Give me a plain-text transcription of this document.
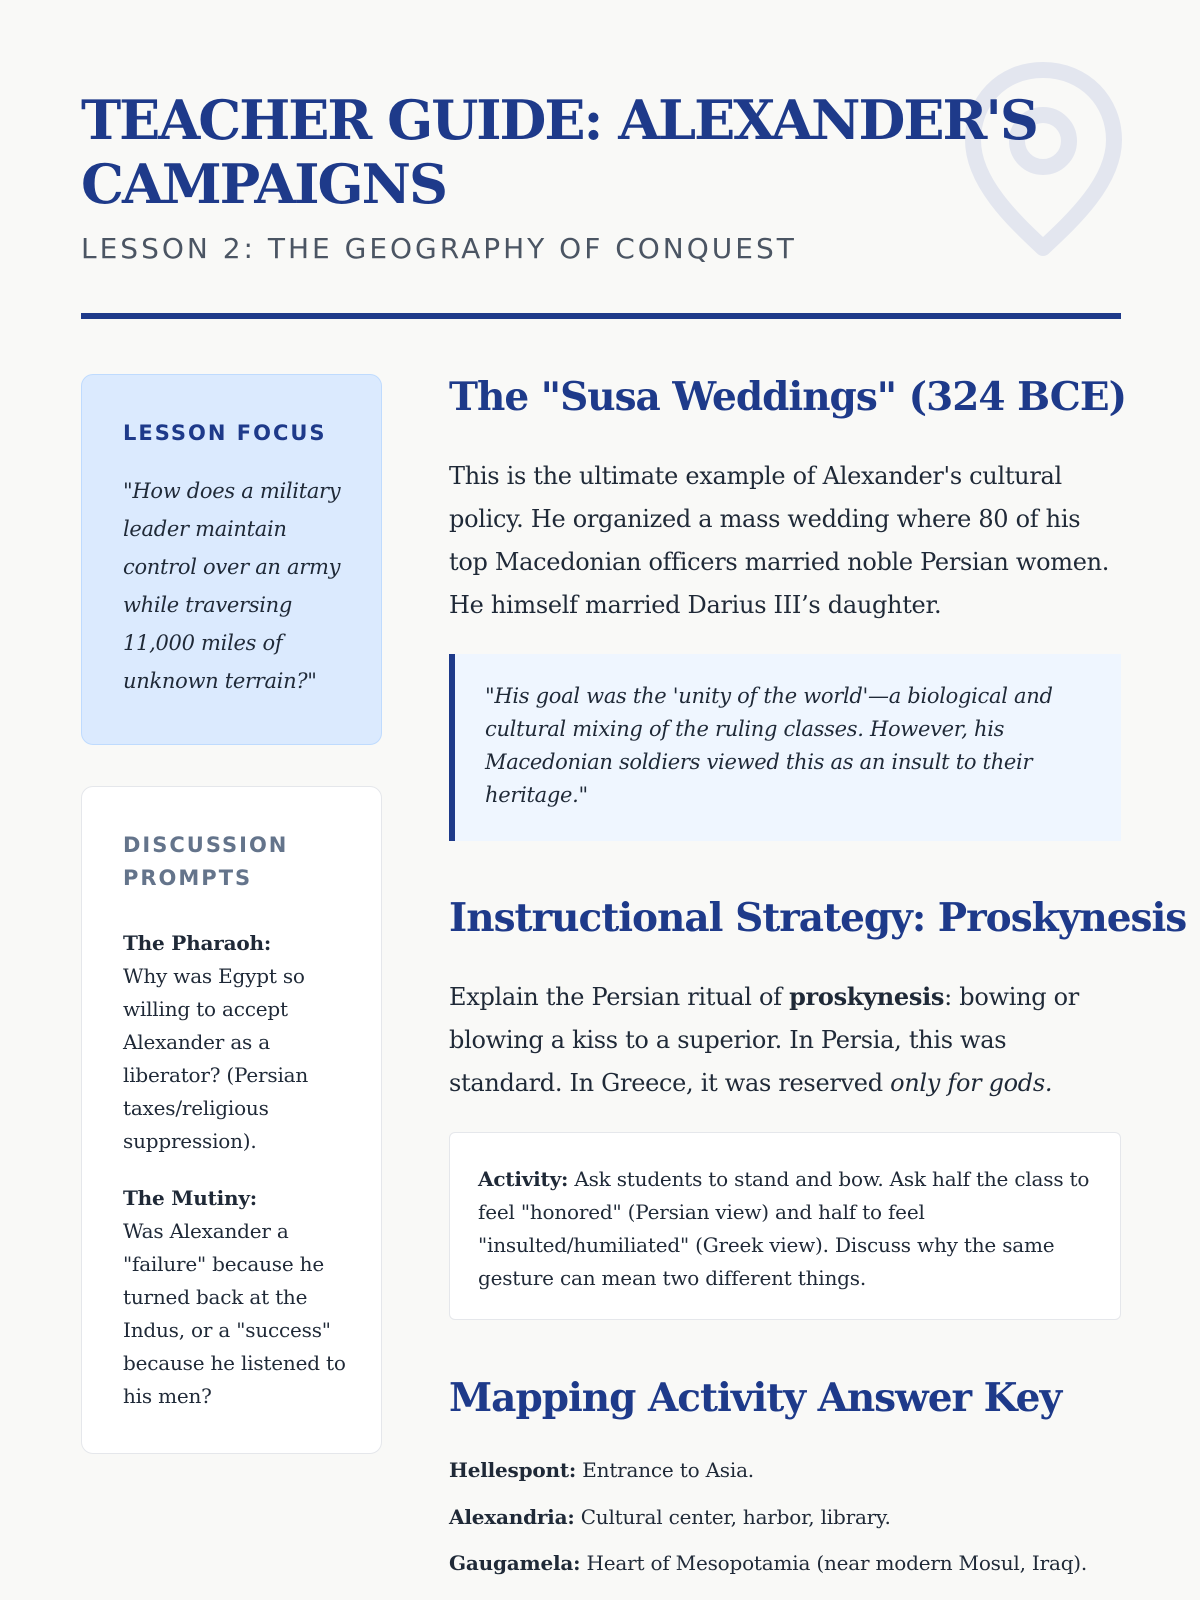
TEACHER GUIDE: ALEXANDER'S CAMPAIGNS
LESSON 2: THE GEOGRAPHY OF CONQUEST
LESSON FOCUS

"How does a military leader maintain control over an army while traversing 11,000 miles of unknown terrain?"

DISCUSSION PROMPTS

The Pharaoh:
Why was Egypt so willing to accept Alexander as a liberator? (Persian taxes/religious suppression).

The Mutiny:
Was Alexander a "failure" because he turned back at the Indus, or a "success" because he listened to his men?

The "Susa Weddings" (324 BCE)

This is the ultimate example of Alexander's cultural policy. He organized a mass wedding where 80 of his top Macedonian officers married noble Persian women. He himself married Darius III’s daughter.

"His goal was the 'unity of the world'—a biological and cultural mixing of the ruling classes. However, his Macedonian soldiers viewed this as an insult to their heritage."
Instructional Strategy: Proskynesis

Explain the Persian ritual of proskynesis: bowing or blowing a kiss to a superior. In Persia, this was standard. In Greece, it was reserved only for gods.

Activity: Ask students to stand and bow. Ask half the class to feel "honored" (Persian view) and half to feel "insulted/humiliated" (Greek view). Discuss why the same gesture can mean two different things.
Mapping Activity Answer Key
Hellespont: Entrance to Asia.
Alexandria: Cultural center, harbor, library.
Gaugamela: Heart of Mesopotamia (near modern Mosul, Iraq).
